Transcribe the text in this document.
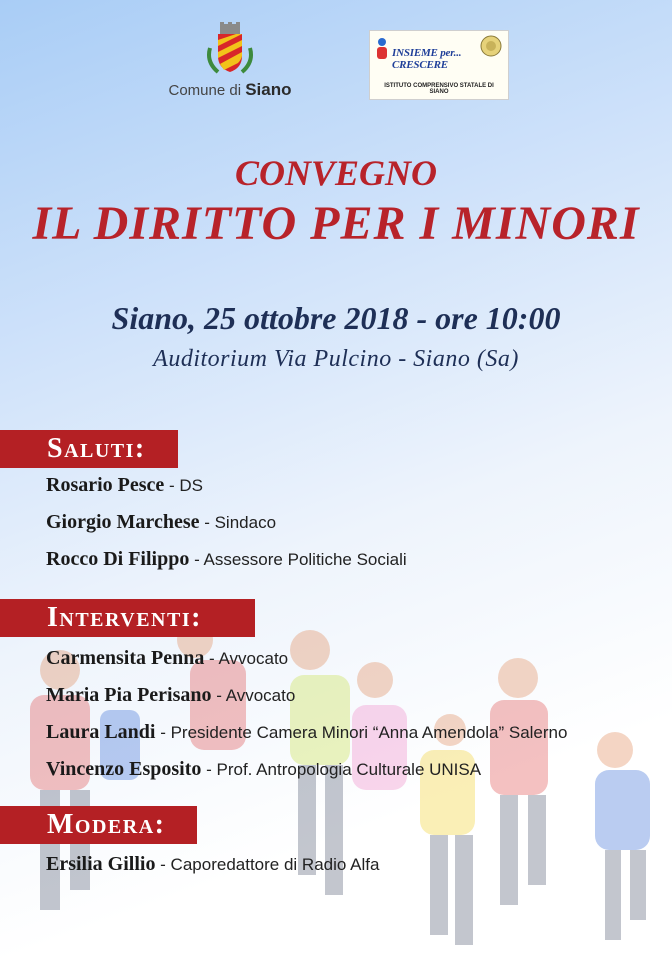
Comune di Siano
INSIEME per... CRESCERE
ISTITUTO COMPRENSIVO STATALE DI SIANO
CONVEGNO
IL DIRITTO PER I MINORI
Siano, 25 ottobre 2018 - ore 10:00
Auditorium Via Pulcino - Siano (Sa)
Saluti:
Rosario Pesce - DS
Giorgio Marchese - Sindaco
Rocco Di Filippo - Assessore Politiche Sociali
Interventi:
Carmensita Penna - Avvocato
Maria Pia Perisano - Avvocato
Laura Landi - Presidente Camera Minori “Anna Amendola” Salerno
Vincenzo Esposito - Prof. Antropologia Culturale UNISA
Modera:
Ersilia Gillio - Caporedattore di Radio Alfa
